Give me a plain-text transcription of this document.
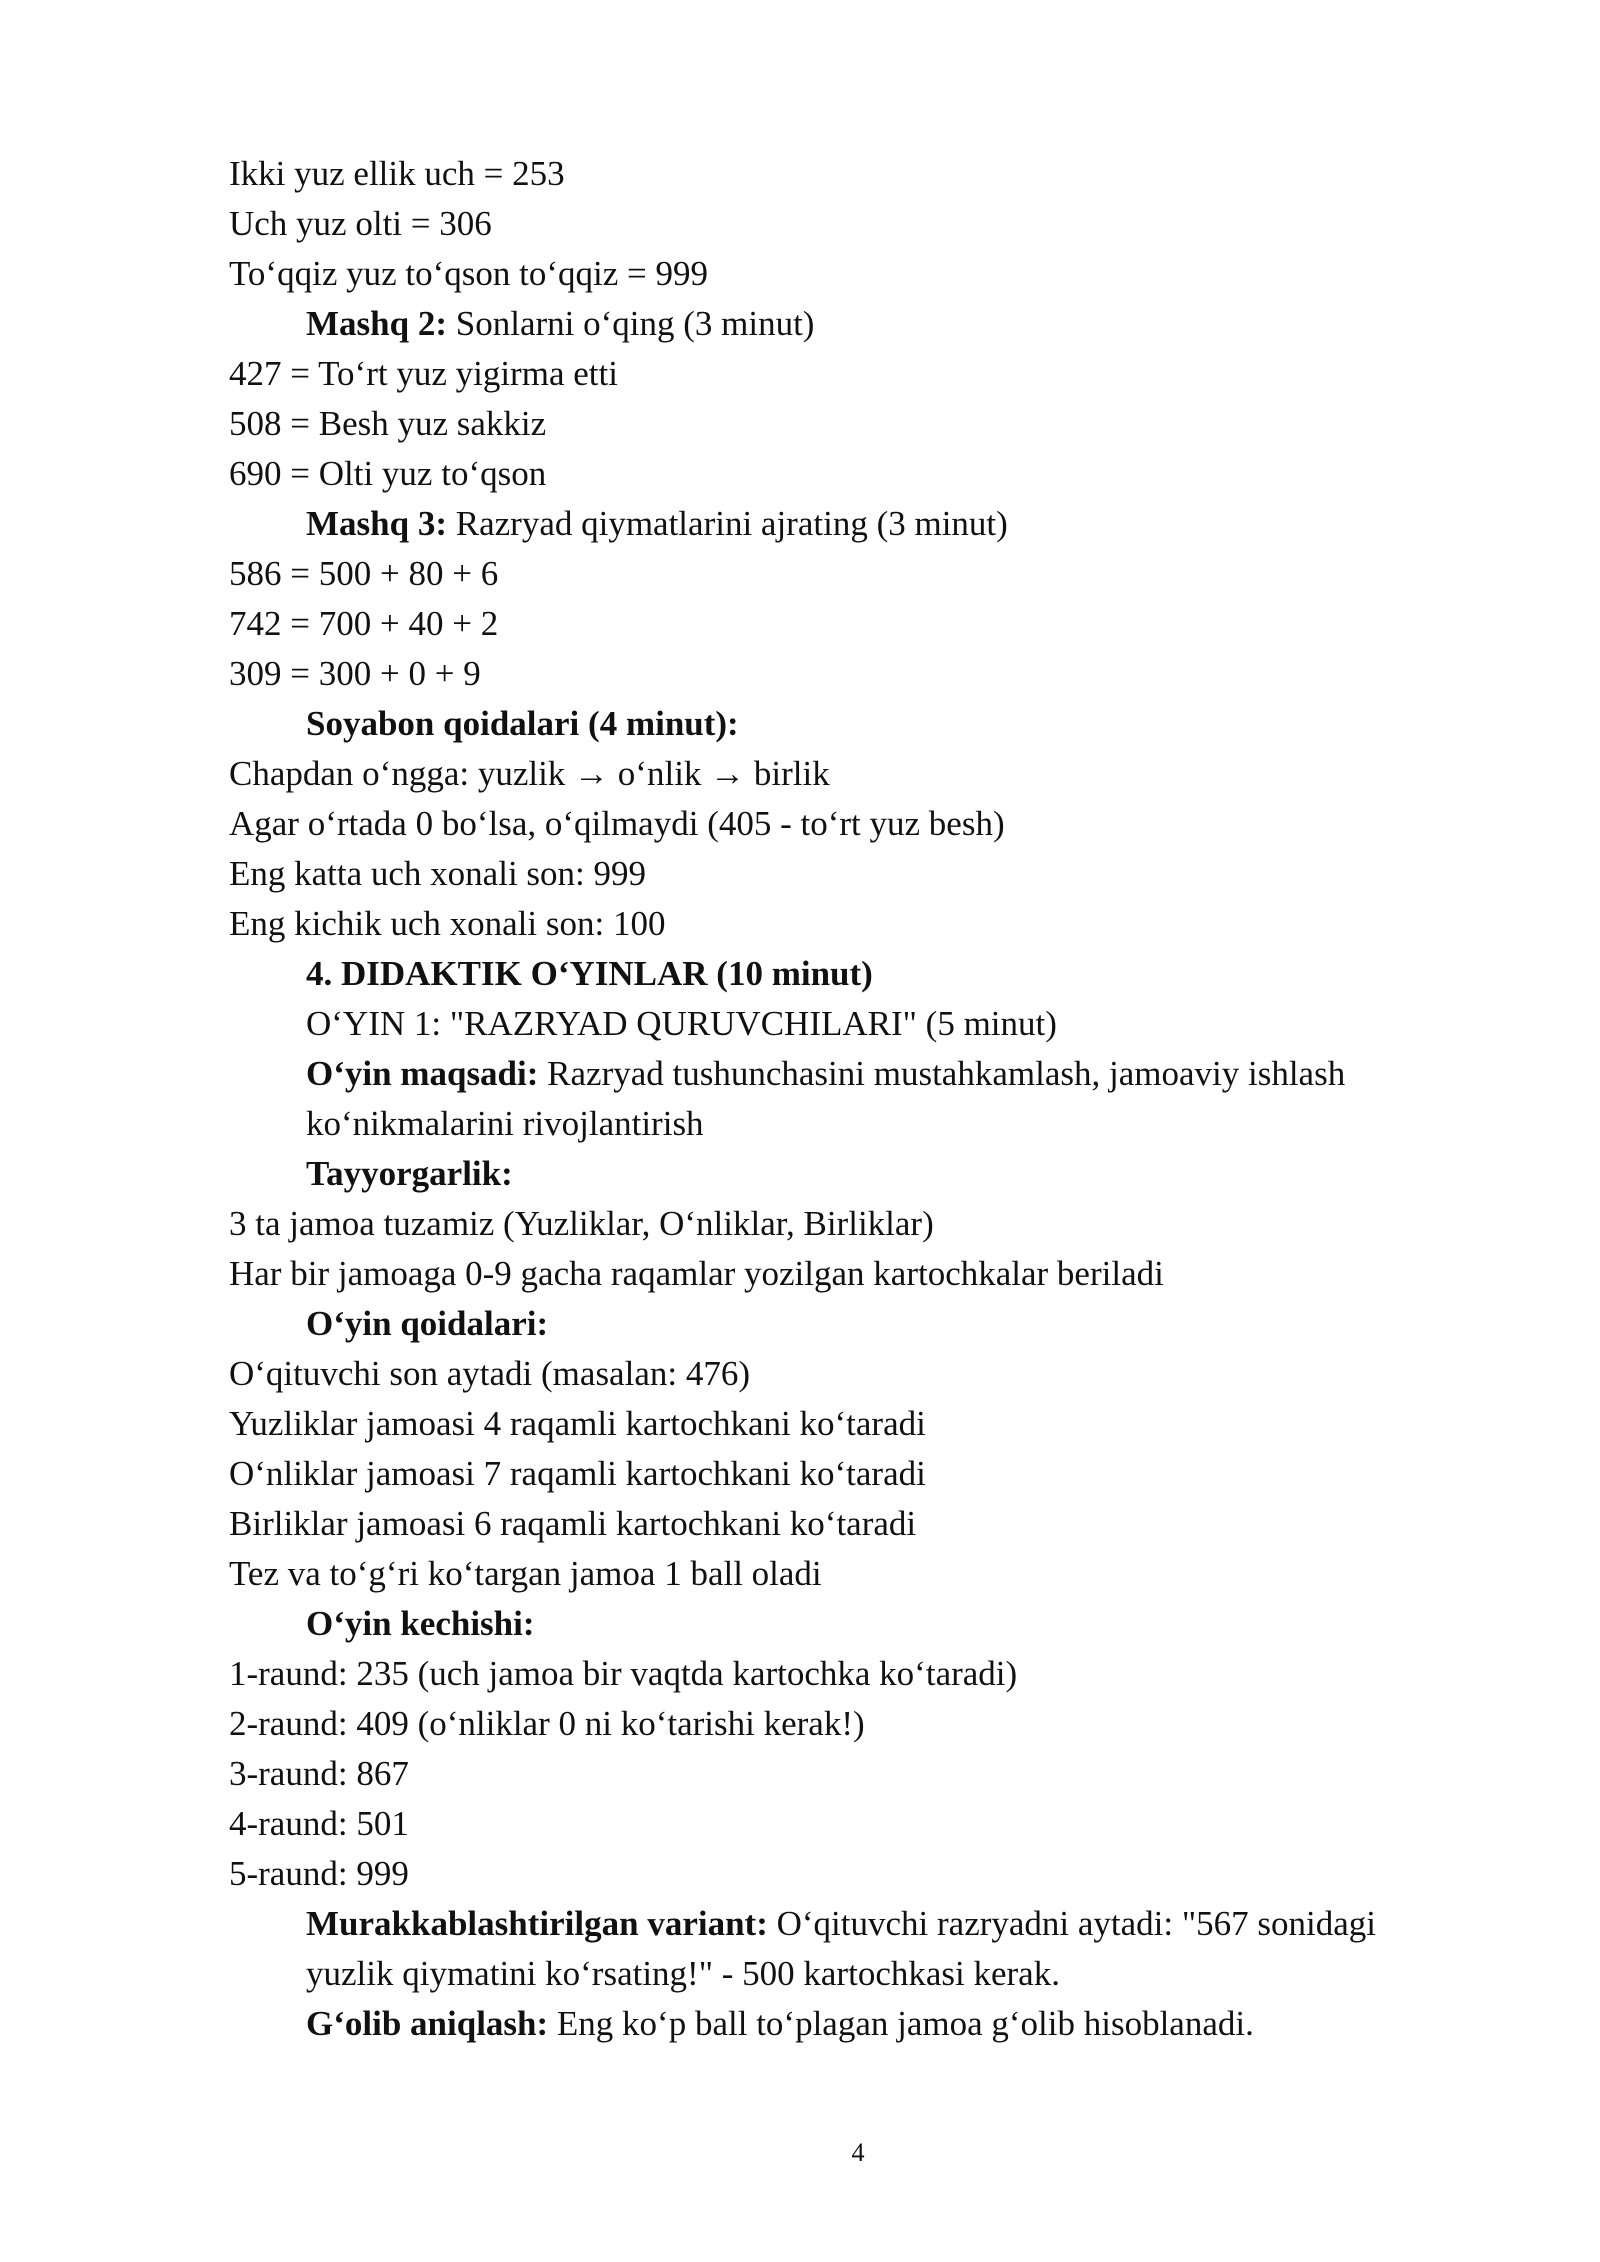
Ikki yuz ellik uch = 253
Uch yuz olti = 306
To‘qqiz yuz to‘qson to‘qqiz = 999
Mashq 2: Sonlarni o‘qing (3 minut)
427 = To‘rt yuz yigirma etti
508 = Besh yuz sakkiz
690 = Olti yuz to‘qson
Mashq 3: Razryad qiymatlarini ajrating (3 minut)
586 = 500 + 80 + 6
742 = 700 + 40 + 2
309 = 300 + 0 + 9
Soyabon qoidalari (4 minut):
Chapdan o‘ngga: yuzlik → o‘nlik → birlik
Agar o‘rtada 0 bo‘lsa, o‘qilmaydi (405 - to‘rt yuz besh)
Eng katta uch xonali son: 999
Eng kichik uch xonali son: 100
4. DIDAKTIK O‘YINLAR (10 minut)
O‘YIN 1: "RAZRYAD QURUVCHILARI" (5 minut)
O‘yin maqsadi: Razryad tushunchasini mustahkamlash, jamoaviy ishlash ko‘nikmalarini rivojlantirish
Tayyorgarlik:
3 ta jamoa tuzamiz (Yuzliklar, O‘nliklar, Birliklar)
Har bir jamoaga 0-9 gacha raqamlar yozilgan kartochkalar beriladi
O‘yin qoidalari:
O‘qituvchi son aytadi (masalan: 476)
Yuzliklar jamoasi 4 raqamli kartochkani ko‘taradi
O‘nliklar jamoasi 7 raqamli kartochkani ko‘taradi
Birliklar jamoasi 6 raqamli kartochkani ko‘taradi
Tez va to‘g‘ri ko‘targan jamoa 1 ball oladi
O‘yin kechishi:
1-raund: 235 (uch jamoa bir vaqtda kartochka ko‘taradi)
2-raund: 409 (o‘nliklar 0 ni ko‘tarishi kerak!)
3-raund: 867
4-raund: 501
5-raund: 999
Murakkablashtirilgan variant: O‘qituvchi razryadni aytadi: "567 sonidagi yuzlik qiymatini ko‘rsating!" - 500 kartochkasi kerak.
G‘olib aniqlash: Eng ko‘p ball to‘plagan jamoa g‘olib hisoblanadi.
4
